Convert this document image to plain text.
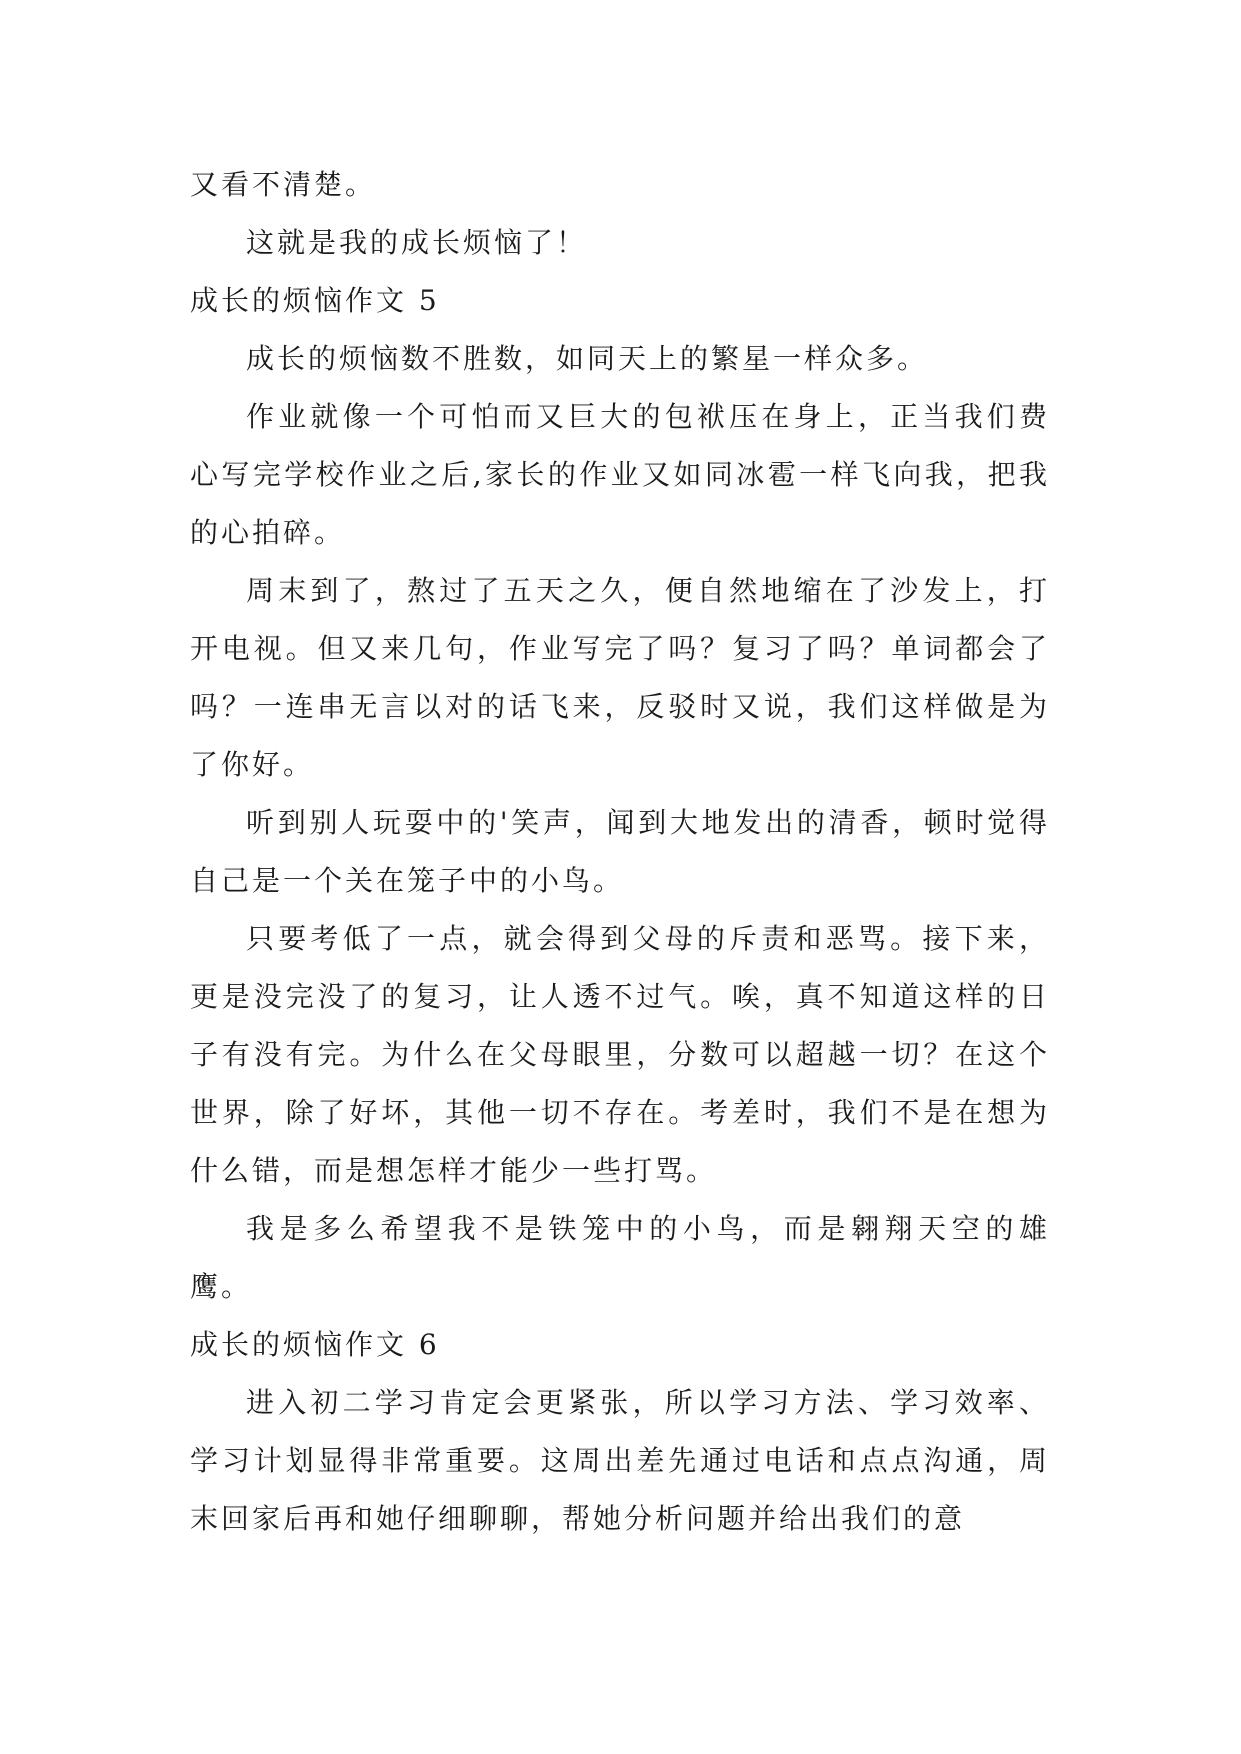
又看不清楚。

这就是我的成长烦恼了！

成长的烦恼作文 5

成长的烦恼数不胜数，如同天上的繁星一样众多。

作业就像一个可怕而又巨大的包袱压在身上，正当我们费心写完学校作业之后,家长的作业又如同冰雹一样飞向我，把我的心拍碎。

周末到了，熬过了五天之久，便自然地缩在了沙发上，打开电视。但又来几句，作业写完了吗？复习了吗？单词都会了吗？一连串无言以对的话飞来，反驳时又说，我们这样做是为了你好。

听到别人玩耍中的'笑声，闻到大地发出的清香，顿时觉得自己是一个关在笼子中的小鸟。

只要考低了一点，就会得到父母的斥责和恶骂。接下来，更是没完没了的复习，让人透不过气。唉，真不知道这样的日子有没有完。为什么在父母眼里，分数可以超越一切？在这个世界，除了好坏，其他一切不存在。考差时，我们不是在想为什么错，而是想怎样才能少一些打骂。

我是多么希望我不是铁笼中的小鸟，而是翱翔天空的雄鹰。

成长的烦恼作文 6

进入初二学习肯定会更紧张，所以学习方法、学习效率、学习计划显得非常重要。这周出差先通过电话和点点沟通，周末回家后再和她仔细聊聊，帮她分析问题并给出我们的意
